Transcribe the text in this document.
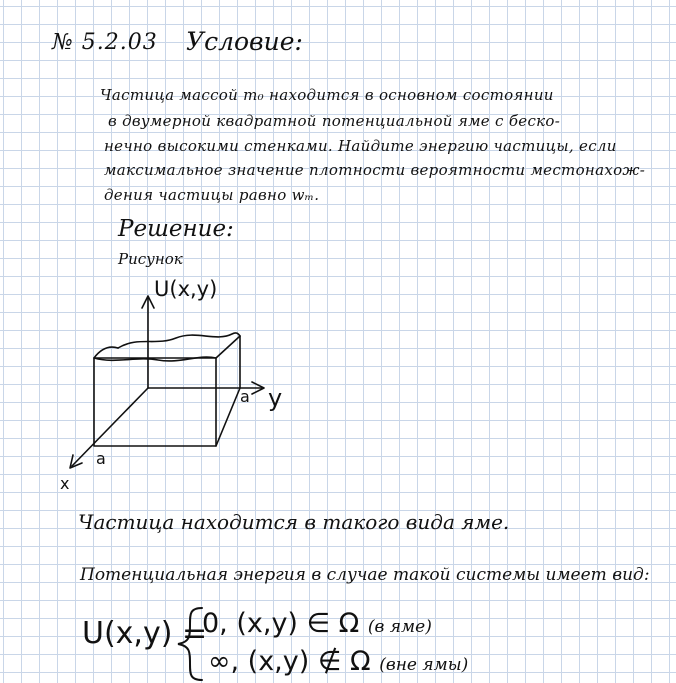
№ 5.2.03 Условие:
Частица массой m₀ находится в основном состоянии
в двумерной квадратной потенциальной яме с беско-
нечно высокими стенками. Найдите энергию частицы, если
максимальное значение плотности вероятности местонахож-
дения частицы равно wₘ.
Решение:
Рисунок
U(x,y)
y
x
a
a
Частица находится в такого вида яме.
Потенциальная энергия в случае такой системы имеет вид:
U(x,y) =
0, (x,y) ∈ Ω (в яме)
∞, (x,y) ∉ Ω (вне ямы)
